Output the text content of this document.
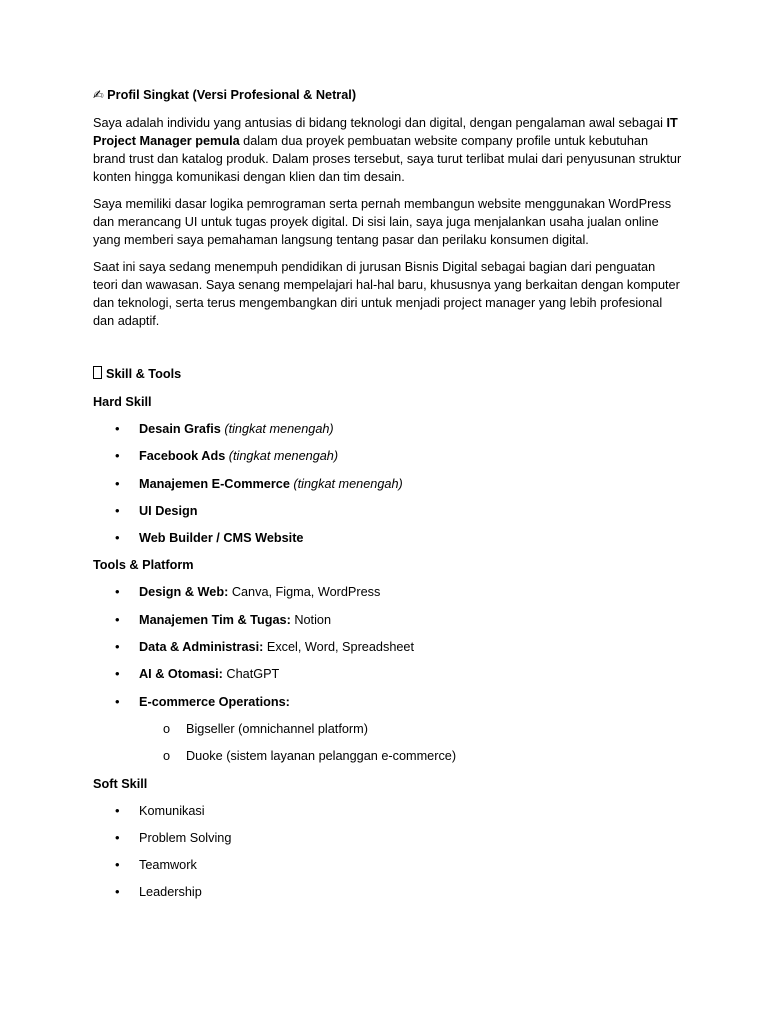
✍ Profil Singkat (Versi Profesional & Netral)
Saya adalah individu yang antusias di bidang teknologi dan digital, dengan pengalaman awal sebagai IT Project Manager pemula dalam dua proyek pembuatan website company profile untuk kebutuhan brand trust dan katalog produk. Dalam proses tersebut, saya turut terlibat mulai dari penyusunan struktur konten hingga komunikasi dengan klien dan tim desain.
Saya memiliki dasar logika pemrograman serta pernah membangun website menggunakan WordPress dan merancang UI untuk tugas proyek digital. Di sisi lain, saya juga menjalankan usaha jualan online yang memberi saya pemahaman langsung tentang pasar dan perilaku konsumen digital.
Saat ini saya sedang menempuh pendidikan di jurusan Bisnis Digital sebagai bagian dari penguatan teori dan wawasan. Saya senang mempelajari hal-hal baru, khususnya yang berkaitan dengan komputer dan teknologi, serta terus mengembangkan diri untuk menjadi project manager yang lebih profesional dan adaptif.
Skill & Tools
Hard Skill
• Desain Grafis (tingkat menengah)
• Facebook Ads (tingkat menengah)
• Manajemen E-Commerce (tingkat menengah)
• UI Design
• Web Builder / CMS Website
Tools & Platform
• Design & Web: Canva, Figma, WordPress
• Manajemen Tim & Tugas: Notion
• Data & Administrasi: Excel, Word, Spreadsheet
• AI & Otomasi: ChatGPT
• E-commerce Operations:
o Bigseller (omnichannel platform)
o Duoke (sistem layanan pelanggan e-commerce)
Soft Skill
• Komunikasi
• Problem Solving
• Teamwork
• Leadership
